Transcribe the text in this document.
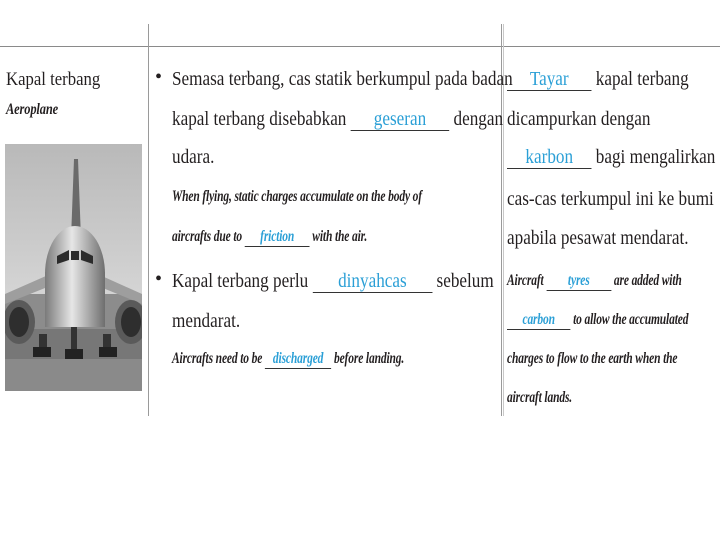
Kapal terbang
Aeroplane
• Semasa terbang, cas statik berkumpul pada badan
kapal terbang disebabkan geseran dengan
udara.
When flying, static charges accumulate on the body of
aircrafts due to friction with the air.
• Kapal terbang perlu dinyahcas sebelum
mendarat.
Aircrafts need to be discharged before landing.
Tayar kapal terbang
dicampurkan dengan
karbon bagi mengalirkan
cas-cas terkumpul ini ke bumi
apabila pesawat mendarat.
Aircraft tyres are added with
carbon to allow the accumulated
charges to flow to the earth when the
aircraft lands.
